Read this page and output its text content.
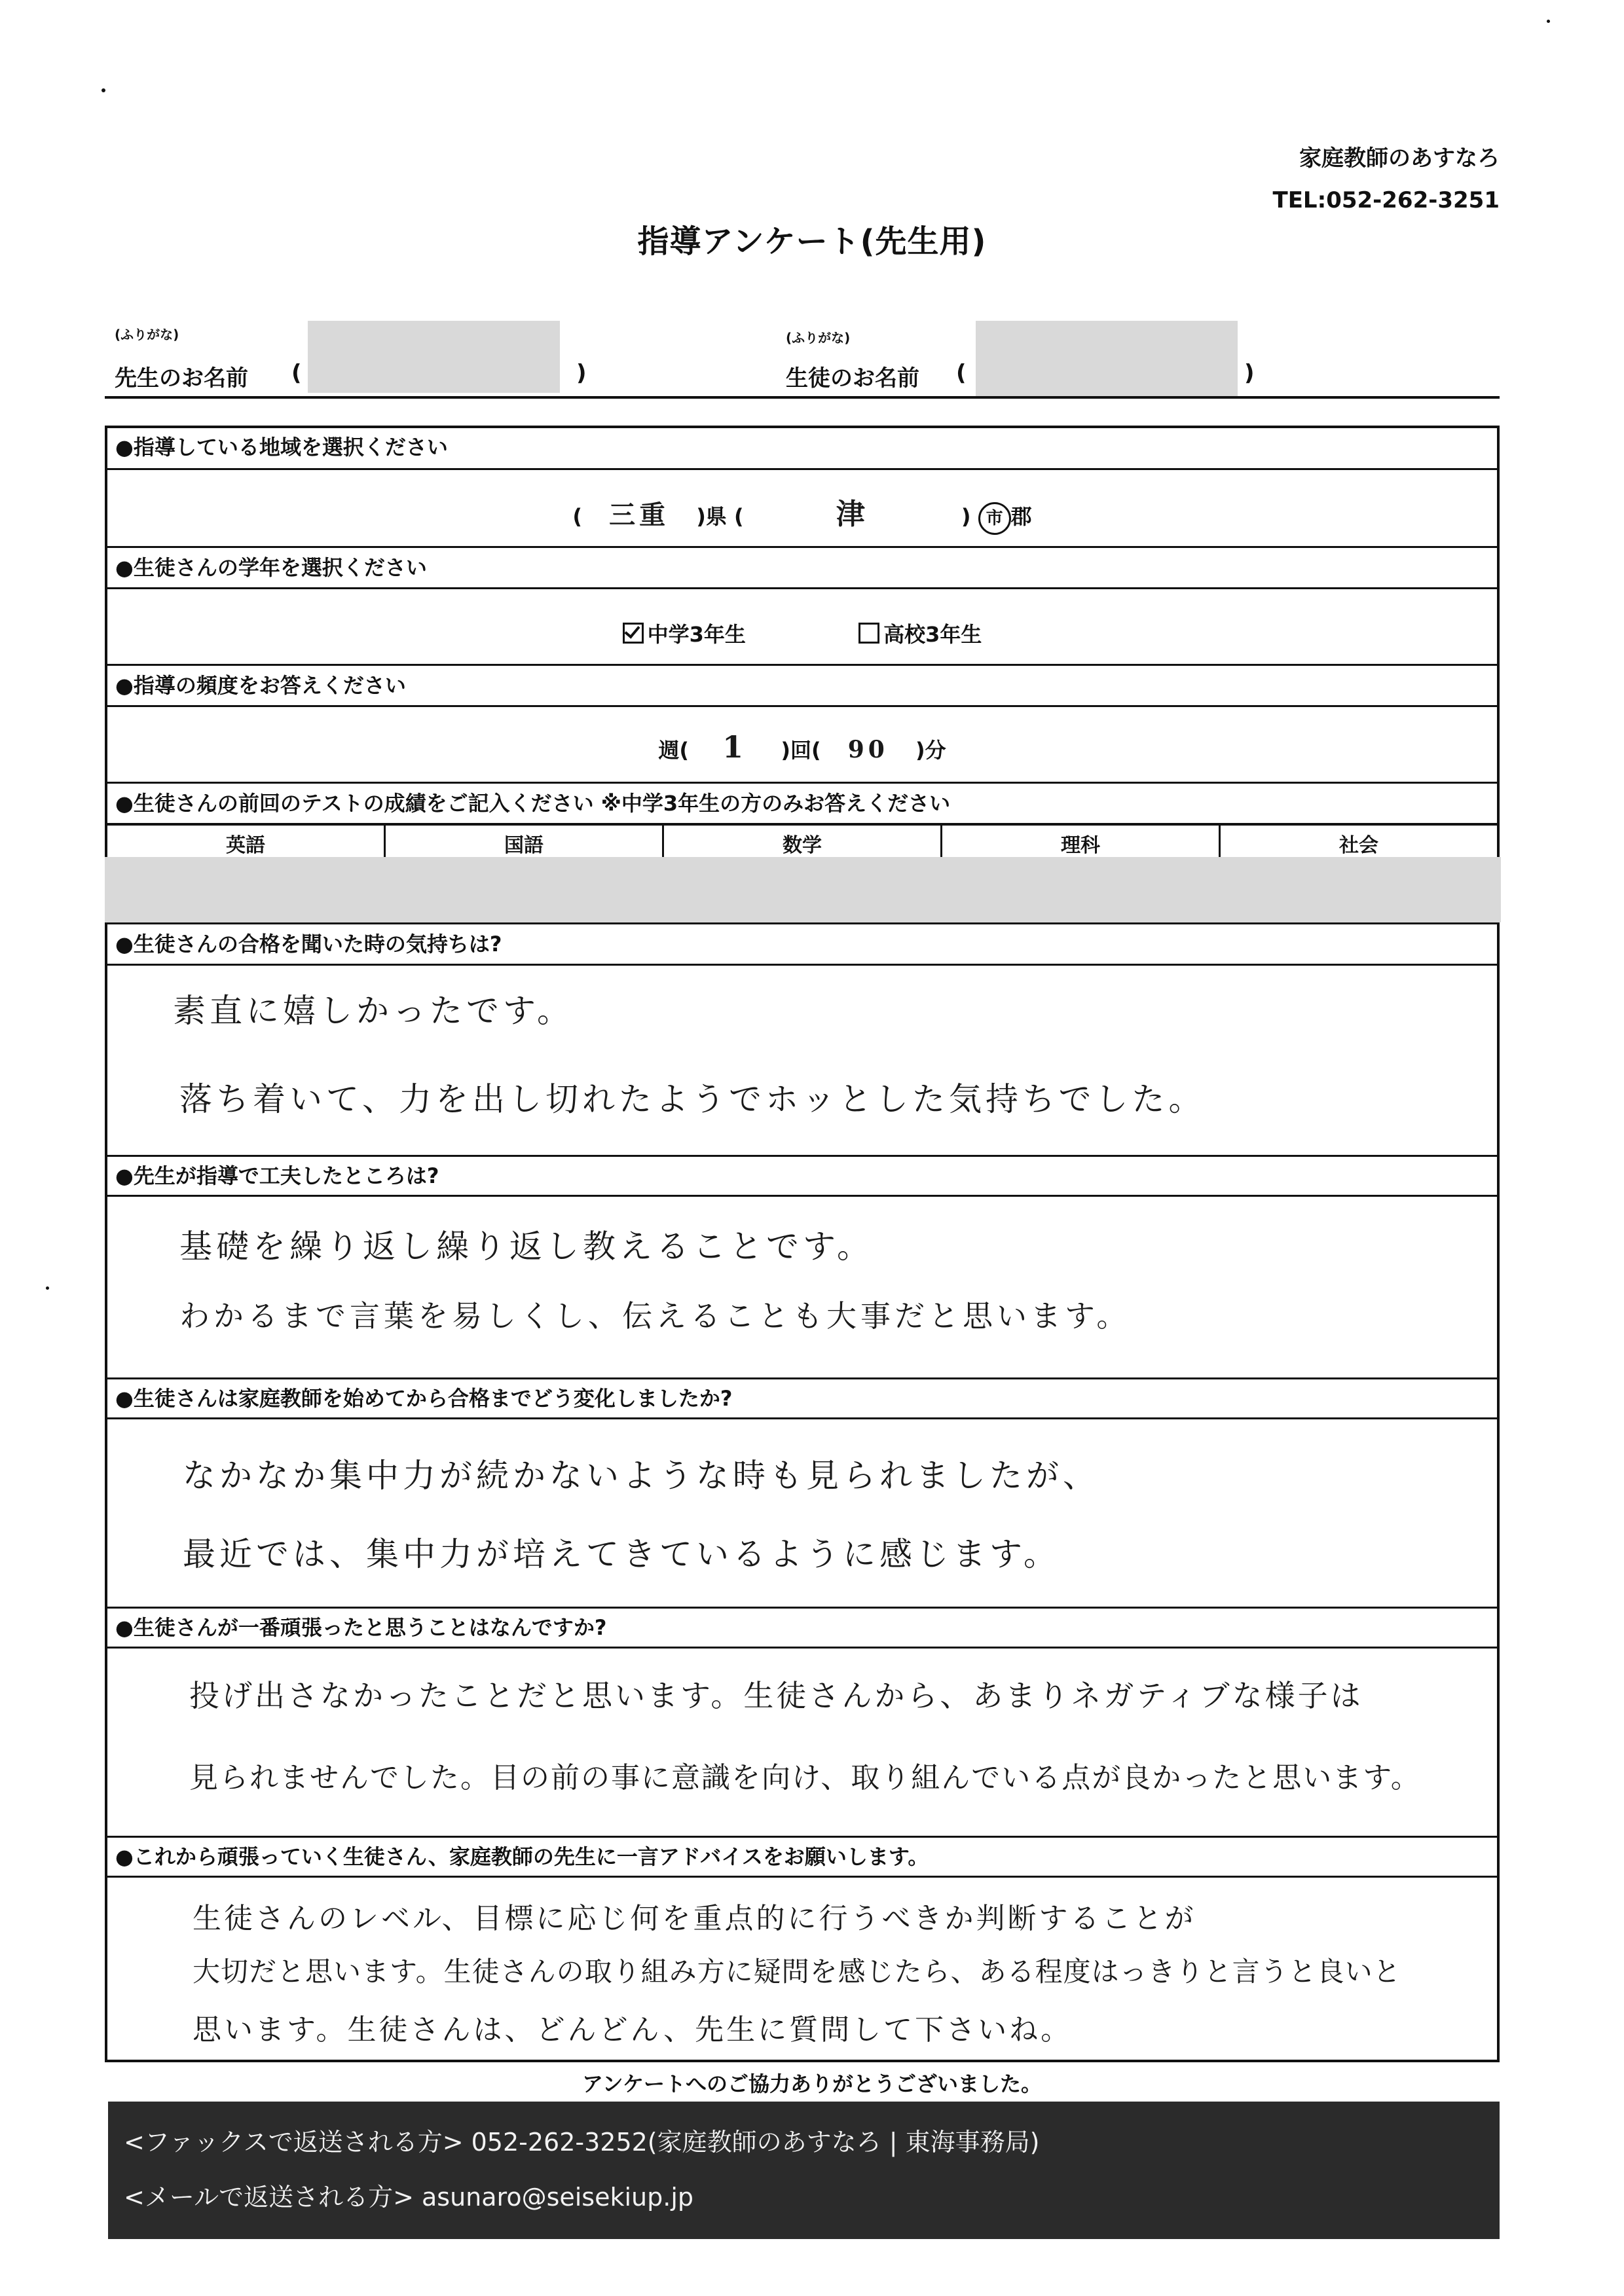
家庭教師のあすなろ
TEL:052-262-3251
指導アンケート(先生用)
(ふりがな)
先生のお名前 (	)
(ふりがな)
生徒のお名前 (	)
●指導している地域を選択ください
( 三重 )県 (	津	) 市 郡
●生徒さんの学年を選択ください
中学3年生	高校3年生
●指導の頻度をお答えください
週( 1 )回( 90 )分
●生徒さんの前回のテストの成績をご記入ください ※中学3年生の方のみお答えください
英語	国語	数学	理科	社会
●生徒さんの合格を聞いた時の気持ちは?
素直に嬉しかったです。
落ち着いて、力を出し切れたようでホッとした気持ちでした。
●先生が指導で工夫したところは?
基礎を繰り返し繰り返し教えることです。
わかるまで言葉を易しくし、伝えることも大事だと思います。
●生徒さんは家庭教師を始めてから合格までどう変化しましたか?
なかなか集中力が続かないような時も見られましたが、
最近では、集中力が培えてきているように感じます。
●生徒さんが一番頑張ったと思うことはなんですか?
投げ出さなかったことだと思います。生徒さんから、あまりネガティブな様子は
見られませんでした。目の前の事に意識を向け、取り組んでいる点が良かったと思います。
●これから頑張っていく生徒さん、家庭教師の先生に一言アドバイスをお願いします。
生徒さんのレベル、目標に応じ何を重点的に行うべきか判断することが
大切だと思います。生徒さんの取り組み方に疑問を感じたら、ある程度はっきりと言うと良いと
思います。生徒さんは、どんどん、先生に質問して下さいね。
アンケートへのご協力ありがとうございました。
<ファックスで返送される方> 052-262-3252(家庭教師のあすなろ | 東海事務局)
<メールで返送される方> asunaro@seisekiup.jp
